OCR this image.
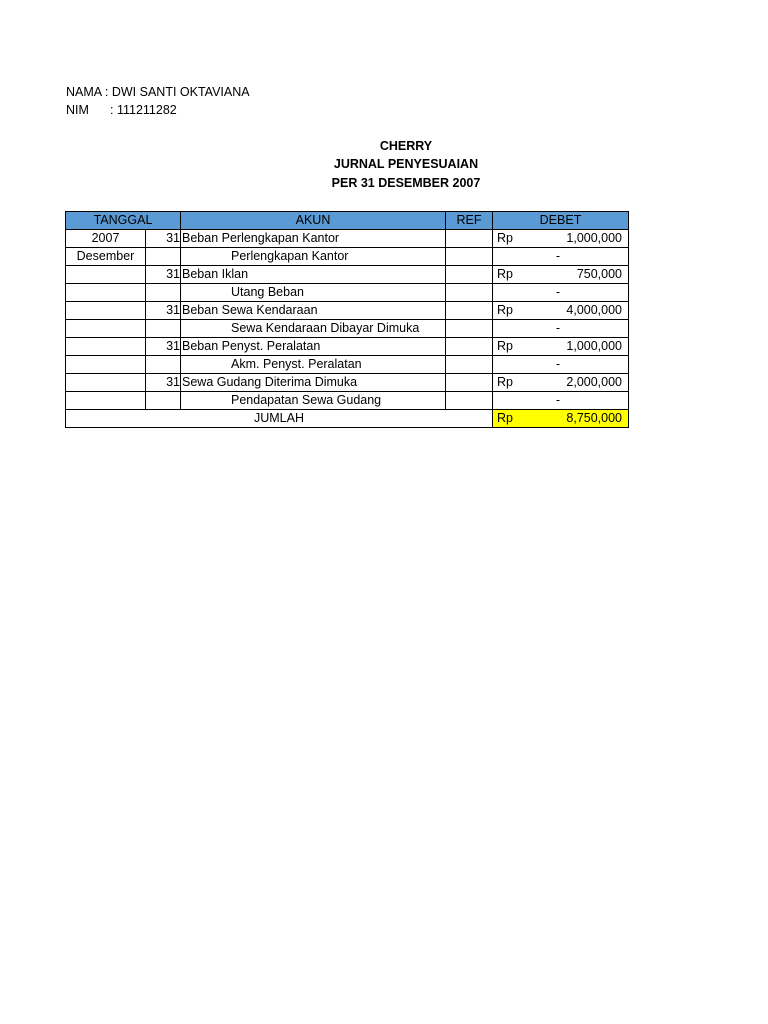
NAMA : DWI SANTI OKTAVIANA
NIM : 111211282
CHERRY
JURNAL PENYESUAIAN
PER 31 DESEMBER 2007
TANGGAL		AKUN	REF	DEBET
2007	31	Beban Perlengkapan Kantor		Rp 1,000,000

Desember		Perlengkapan Kantor		-

	31	Beban Iklan		Rp 750,000

		Utang Beban		-

	31	Beban Sewa Kendaraan		Rp 4,000,000

		Sewa Kendaraan Dibayar Dimuka		-

	31	Beban Penyst. Peralatan		Rp 1,000,000

		Akm. Penyst. Peralatan		-

	31	Sewa Gudang Diterima Dimuka		Rp 2,000,000

		Pendapatan Sewa Gudang		-

JUMLAH				Rp 8,750,000
